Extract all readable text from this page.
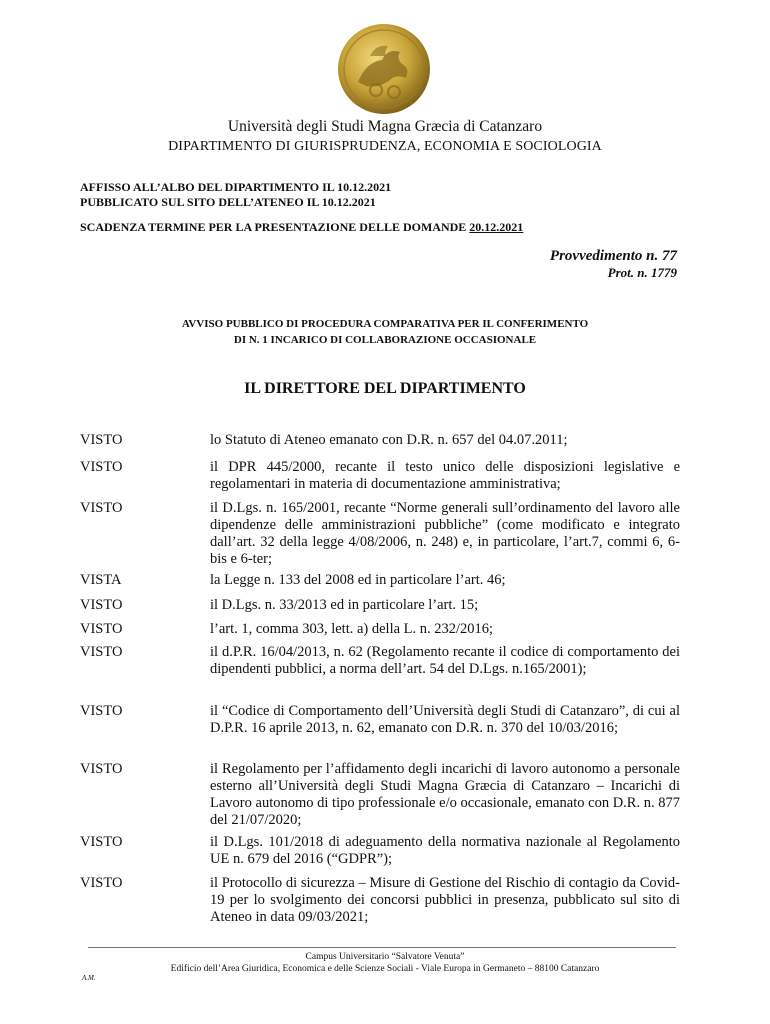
Università degli Studi Magna Græcia di Catanzaro
DIPARTIMENTO DI GIURISPRUDENZA, ECONOMIA E SOCIOLOGIA
AFFISSO ALL’ALBO DEL DIPARTIMENTO IL 10.12.2021
PUBBLICATO SUL SITO DELL’ATENEO IL 10.12.2021
SCADENZA TERMINE PER LA PRESENTAZIONE DELLE DOMANDE 20.12.2021
Provvedimento n. 77
Prot. n. 1779
AVVISO PUBBLICO DI PROCEDURA COMPARATIVA PER IL CONFERIMENTO
DI N. 1 INCARICO DI COLLABORAZIONE OCCASIONALE
IL DIRETTORE DEL DIPARTIMENTO
VISTO	lo Statuto di Ateneo emanato con D.R. n. 657 del 04.07.2011;
VISTO	il DPR 445/2000, recante il testo unico delle disposizioni legislative e regolamentari in materia di documentazione amministrativa;
VISTO	il D.Lgs. n. 165/2001, recante “Norme generali sull’ordinamento del lavoro alle dipendenze delle amministrazioni pubbliche” (come modificato e integrato dall’art. 32 della legge 4/08/2006, n. 248) e, in particolare, l’art.7, commi 6, 6-bis e 6-ter;
VISTA	la Legge n. 133 del 2008 ed in particolare l’art. 46;
VISTO	il D.Lgs. n. 33/2013 ed in particolare l’art. 15;
VISTO	l’art. 1, comma 303, lett. a) della L. n. 232/2016;
VISTO	il d.P.R. 16/04/2013, n. 62 (Regolamento recante il codice di comportamento dei dipendenti pubblici, a norma dell’art. 54 del D.Lgs. n.165/2001);
VISTO	il “Codice di Comportamento dell’Università degli Studi di Catanzaro”, di cui al D.P.R. 16 aprile 2013, n. 62, emanato con D.R. n. 370 del 10/03/2016;
VISTO	il Regolamento per l’affidamento degli incarichi di lavoro autonomo a personale esterno all’Università degli Studi Magna Græcia di Catanzaro – Incarichi di Lavoro autonomo di tipo professionale e/o occasionale, emanato con D.R. n. 877 del 21/07/2020;
VISTO	il D.Lgs. 101/2018 di adeguamento della normativa nazionale al Regolamento UE n. 679 del 2016 (“GDPR”);
VISTO	il Protocollo di sicurezza – Misure di Gestione del Rischio di contagio da Covid-19 per lo svolgimento dei concorsi pubblici in presenza, pubblicato sul sito di Ateneo in data 09/03/2021;
Campus Universitario “Salvatore Venuta”
Edificio dell’Area Giuridica, Economica e delle Scienze Sociali - Viale Europa in Germaneto – 88100 Catanzaro
A.M.
